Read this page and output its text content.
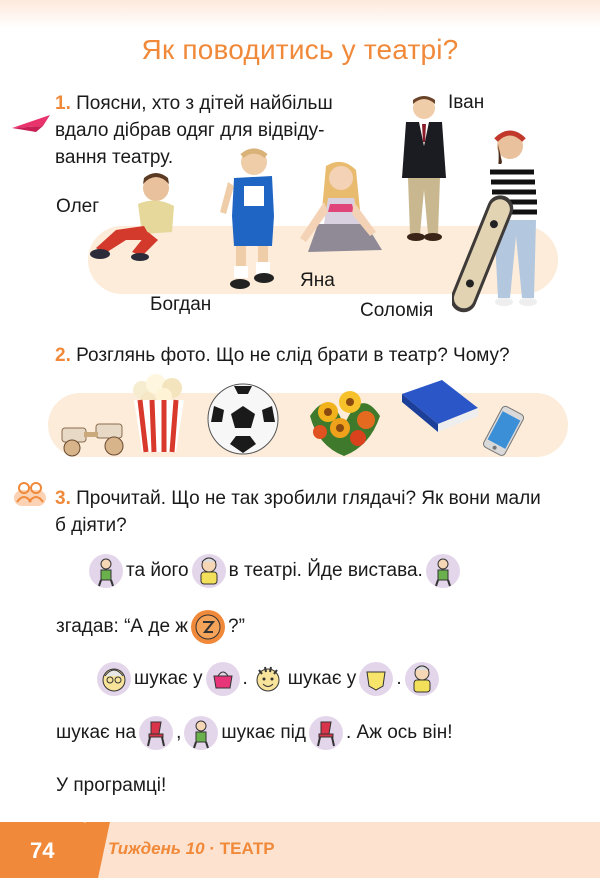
Як поводитись у театрі?
1. Поясни, хто з дітей найбільш
вдало дібрав одяг для відвіду-
вання театру.
Олег
Богдан
Яна
Іван
Соломія
2. Розглянь фото. Що не слід брати в театр? Чому?
3. Прочитай. Що не так зробили глядачі? Як вони мали б діяти?
та його в театрі. Йде вистава.
згадав: “А де ж ?”
шукає у . шукає у .
шукає на , шукає під . Аж ось він!
У програмці!
74	Тиждень 10 · ТЕАТР
